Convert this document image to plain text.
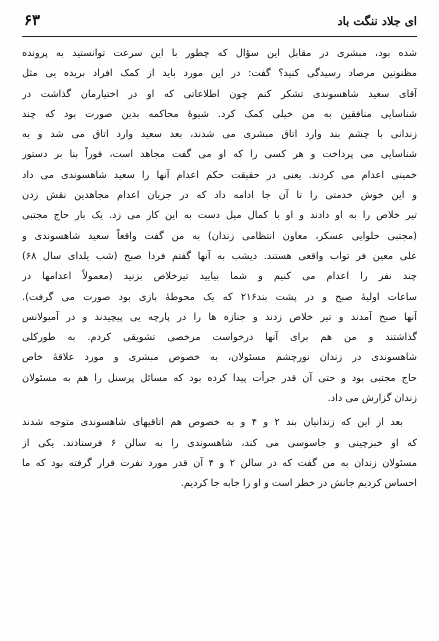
ای جلاد ننگت باد
۶۳
شده بود، مبشری در مقابل این سؤال که چطور با این سرعت توانستید به پرونده
مظنونین مرصاد رسیدگی کنید؟ گفت: در این مورد باید از کمک افراد بریده یی مثل
آقای سعید شاهسوندی تشکر کنم چون اطلاعاتی که او در اختیارمان گذاشت در
شناسایی منافقین به من خیلی کمک کرد. شیوهٔ محاکمه بدین صورت بود که چند
زندانی با چشم بند وارد اتاق مبشری می شدند، بعد سعید وارد اتاق می شد و به
شناسایی می پرداخت و هر کسی را که او می گفت مجاهد است، فوراً بنا بر دستور
خمینی اعدام می کردند. یعنی در حقیقت حکم اعدام آنها را سعید شاهسوندی می داد
و این خوش خدمتی را تا آن جا ادامه داد که در جریان اعدام مجاهدین نقش زدن
تیر خلاص را به او دادند و او با کمال میل دست به این کار می زد. یک بار حاج مجتبی
(مجتبی حلوایی عسکر، معاون انتظامی زندان) به من گفت واقعاً سعید شاهسوندی و
علی معین فر تواب واقعی هستند. دیشب به آنها گفتم فردا صبح (شب یلدای سال ۶۸)
چند نفر را اعدام می کنیم و شما بیایید تیرخلاص بزنید (معمولاً اعدامها در
ساعات اولیهٔ صبح و در پشت بند۲۱۶ که یک محوطهٔ بازی بود صورت می گرفت).
آنها صبح آمدند و تیر خلاص زدند و جنازه ها را در پارچه یی پیچیدند و در آمبولانس
گذاشتند و من هم برای آنها درخواست مرخصی تشویقی کردم. به طورکلی
شاهسوندی در زندان نورچشم مسئولان، به خصوص مبشری و مورد علاقهٔ خاص
حاج مجتبی بود و حتی آن قدر جرأت پیدا کرده بود که مسائل پرسنل را هم به مسئولان
زندان گزارش می داد.
بعد از این که زندانیان بند ۲ و ۴ و به خصوص هم اتاقیهای شاهسوندی متوجه شدند
که او خبرچینی و جاسوسی می کند، شاهسوندی را به سالن ۶ فرستادند. یکی از
مسئولان زندان به من گفت که در سالن ۲ و ۴ آن قدر مورد نفرت قرار گرفته بود که ما
احساس کردیم جانش در خطر است و او را جابه جا کردیم.
